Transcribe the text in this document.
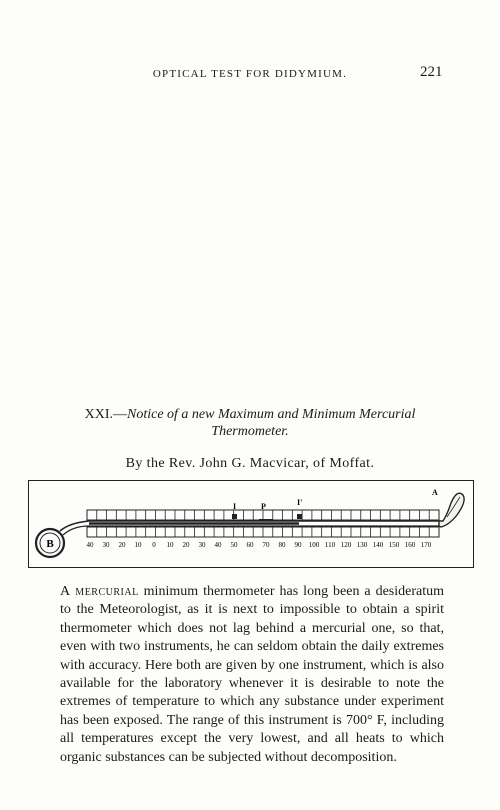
OPTICAL TEST FOR DIDYMIUM.	221
XXI.—Notice of a new Maximum and Minimum Mercurial Thermometer.
By the Rev. John G. Macvicar, of Moffat.
B
I	P	I'
A
40 30 20 10 0 10 20 30 40 50 60 70 80 90 100 110 120 130 140 150 160 170
A mercurial minimum thermometer has long been a desideratum to the Meteorologist, as it is next to impossible to obtain a spirit thermometer which does not lag behind a mercurial one, so that, even with two instruments, he can seldom obtain the daily extremes with accuracy. Here both are given by one instrument, which is also available for the laboratory whenever it is desirable to note the extremes of temperature to which any substance under experiment has been exposed. The range of this instrument is 700° F, including all temperatures except the very lowest, and all heats to which organic substances can be subjected without decomposition.
